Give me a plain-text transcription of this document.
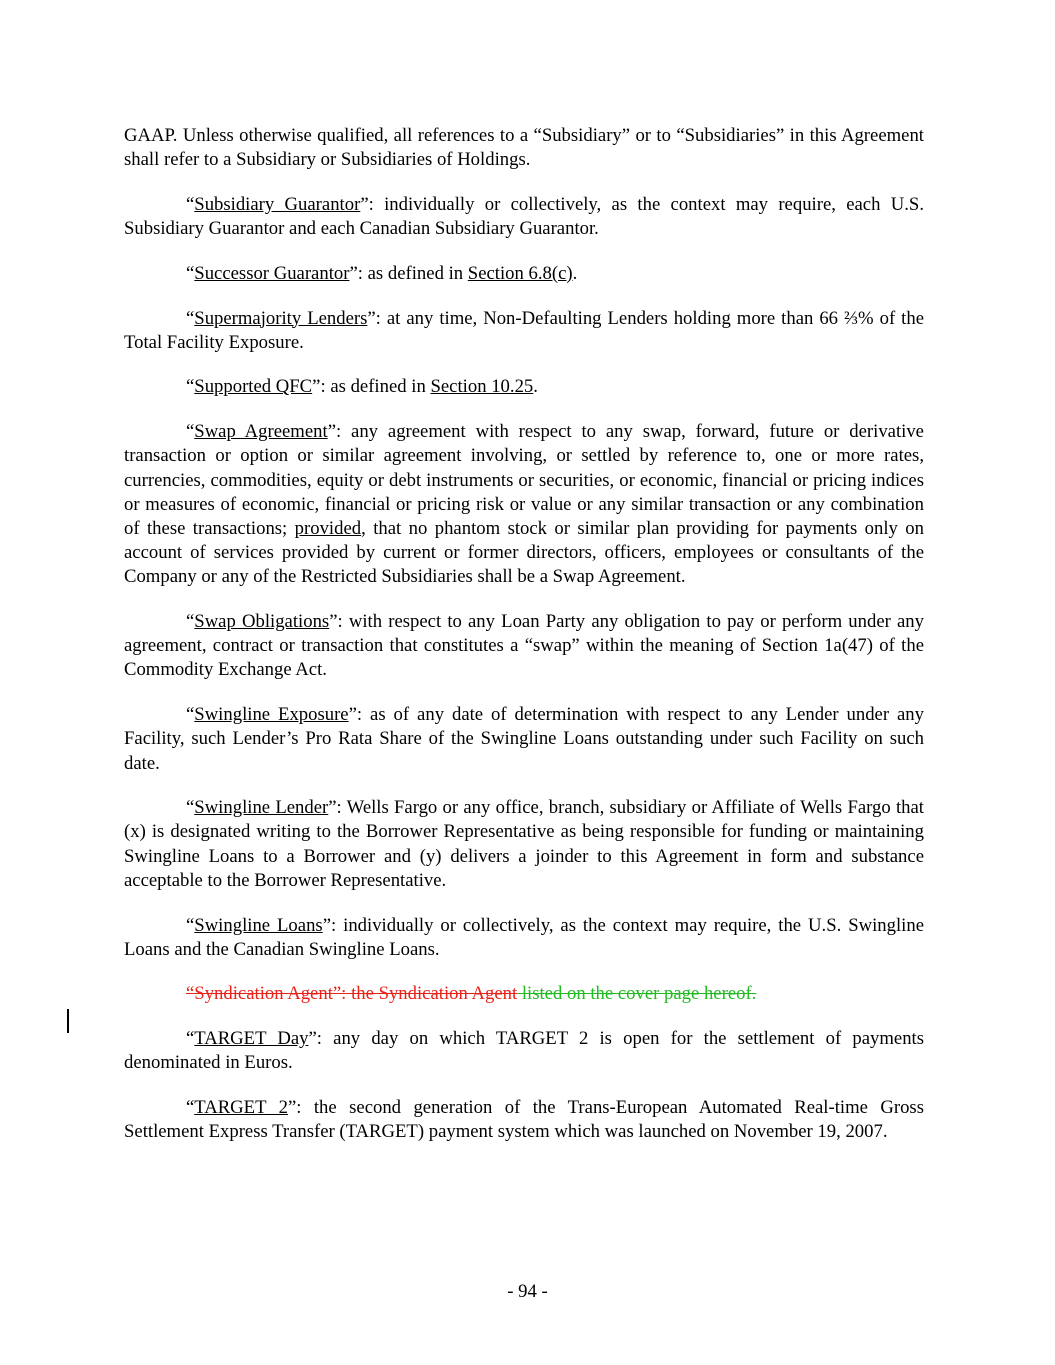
GAAP. Unless otherwise qualified, all references to a “Subsidiary” or to “Subsidiaries” in this Agreement shall refer to a Subsidiary or Subsidiaries of Holdings.

“Subsidiary Guarantor”: individually or collectively, as the context may require, each U.S. Subsidiary Guarantor and each Canadian Subsidiary Guarantor.

“Successor Guarantor”: as defined in Section 6.8(c).

“Supermajority Lenders”: at any time, Non-Defaulting Lenders holding more than 66 ⅔% of the Total Facility Exposure.

“Supported QFC”: as defined in Section 10.25.

“Swap Agreement”: any agreement with respect to any swap, forward, future or derivative transaction or option or similar agreement involving, or settled by reference to, one or more rates, currencies, commodities, equity or debt instruments or securities, or economic, financial or pricing indices or measures of economic, financial or pricing risk or value or any similar transaction or any combination of these transactions; provided, that no phantom stock or similar plan providing for payments only on account of services provided by current or former directors, officers, employees or consultants of the Company or any of the Restricted Subsidiaries shall be a Swap Agreement.

“Swap Obligations”: with respect to any Loan Party any obligation to pay or perform under any agreement, contract or transaction that constitutes a “swap” within the meaning of Section 1a(47) of the Commodity Exchange Act.

“Swingline Exposure”: as of any date of determination with respect to any Lender under any Facility, such Lender’s Pro Rata Share of the Swingline Loans outstanding under such Facility on such date.

“Swingline Lender”: Wells Fargo or any office, branch, subsidiary or Affiliate of Wells Fargo that (x) is designated writing to the Borrower Representative as being responsible for funding or maintaining Swingline Loans to a Borrower and (y) delivers a joinder to this Agreement in form and substance acceptable to the Borrower Representative.

“Swingline Loans”: individually or collectively, as the context may require, the U.S. Swingline Loans and the Canadian Swingline Loans.

“Syndication Agent”: the Syndication Agent listed on the cover page hereof.

“TARGET Day”: any day on which TARGET 2 is open for the settlement of payments denominated in Euros.

“TARGET 2”: the second generation of the Trans-European Automated Real-time Gross Settlement Express Transfer (TARGET) payment system which was launched on November 19, 2007.

- 94 -
